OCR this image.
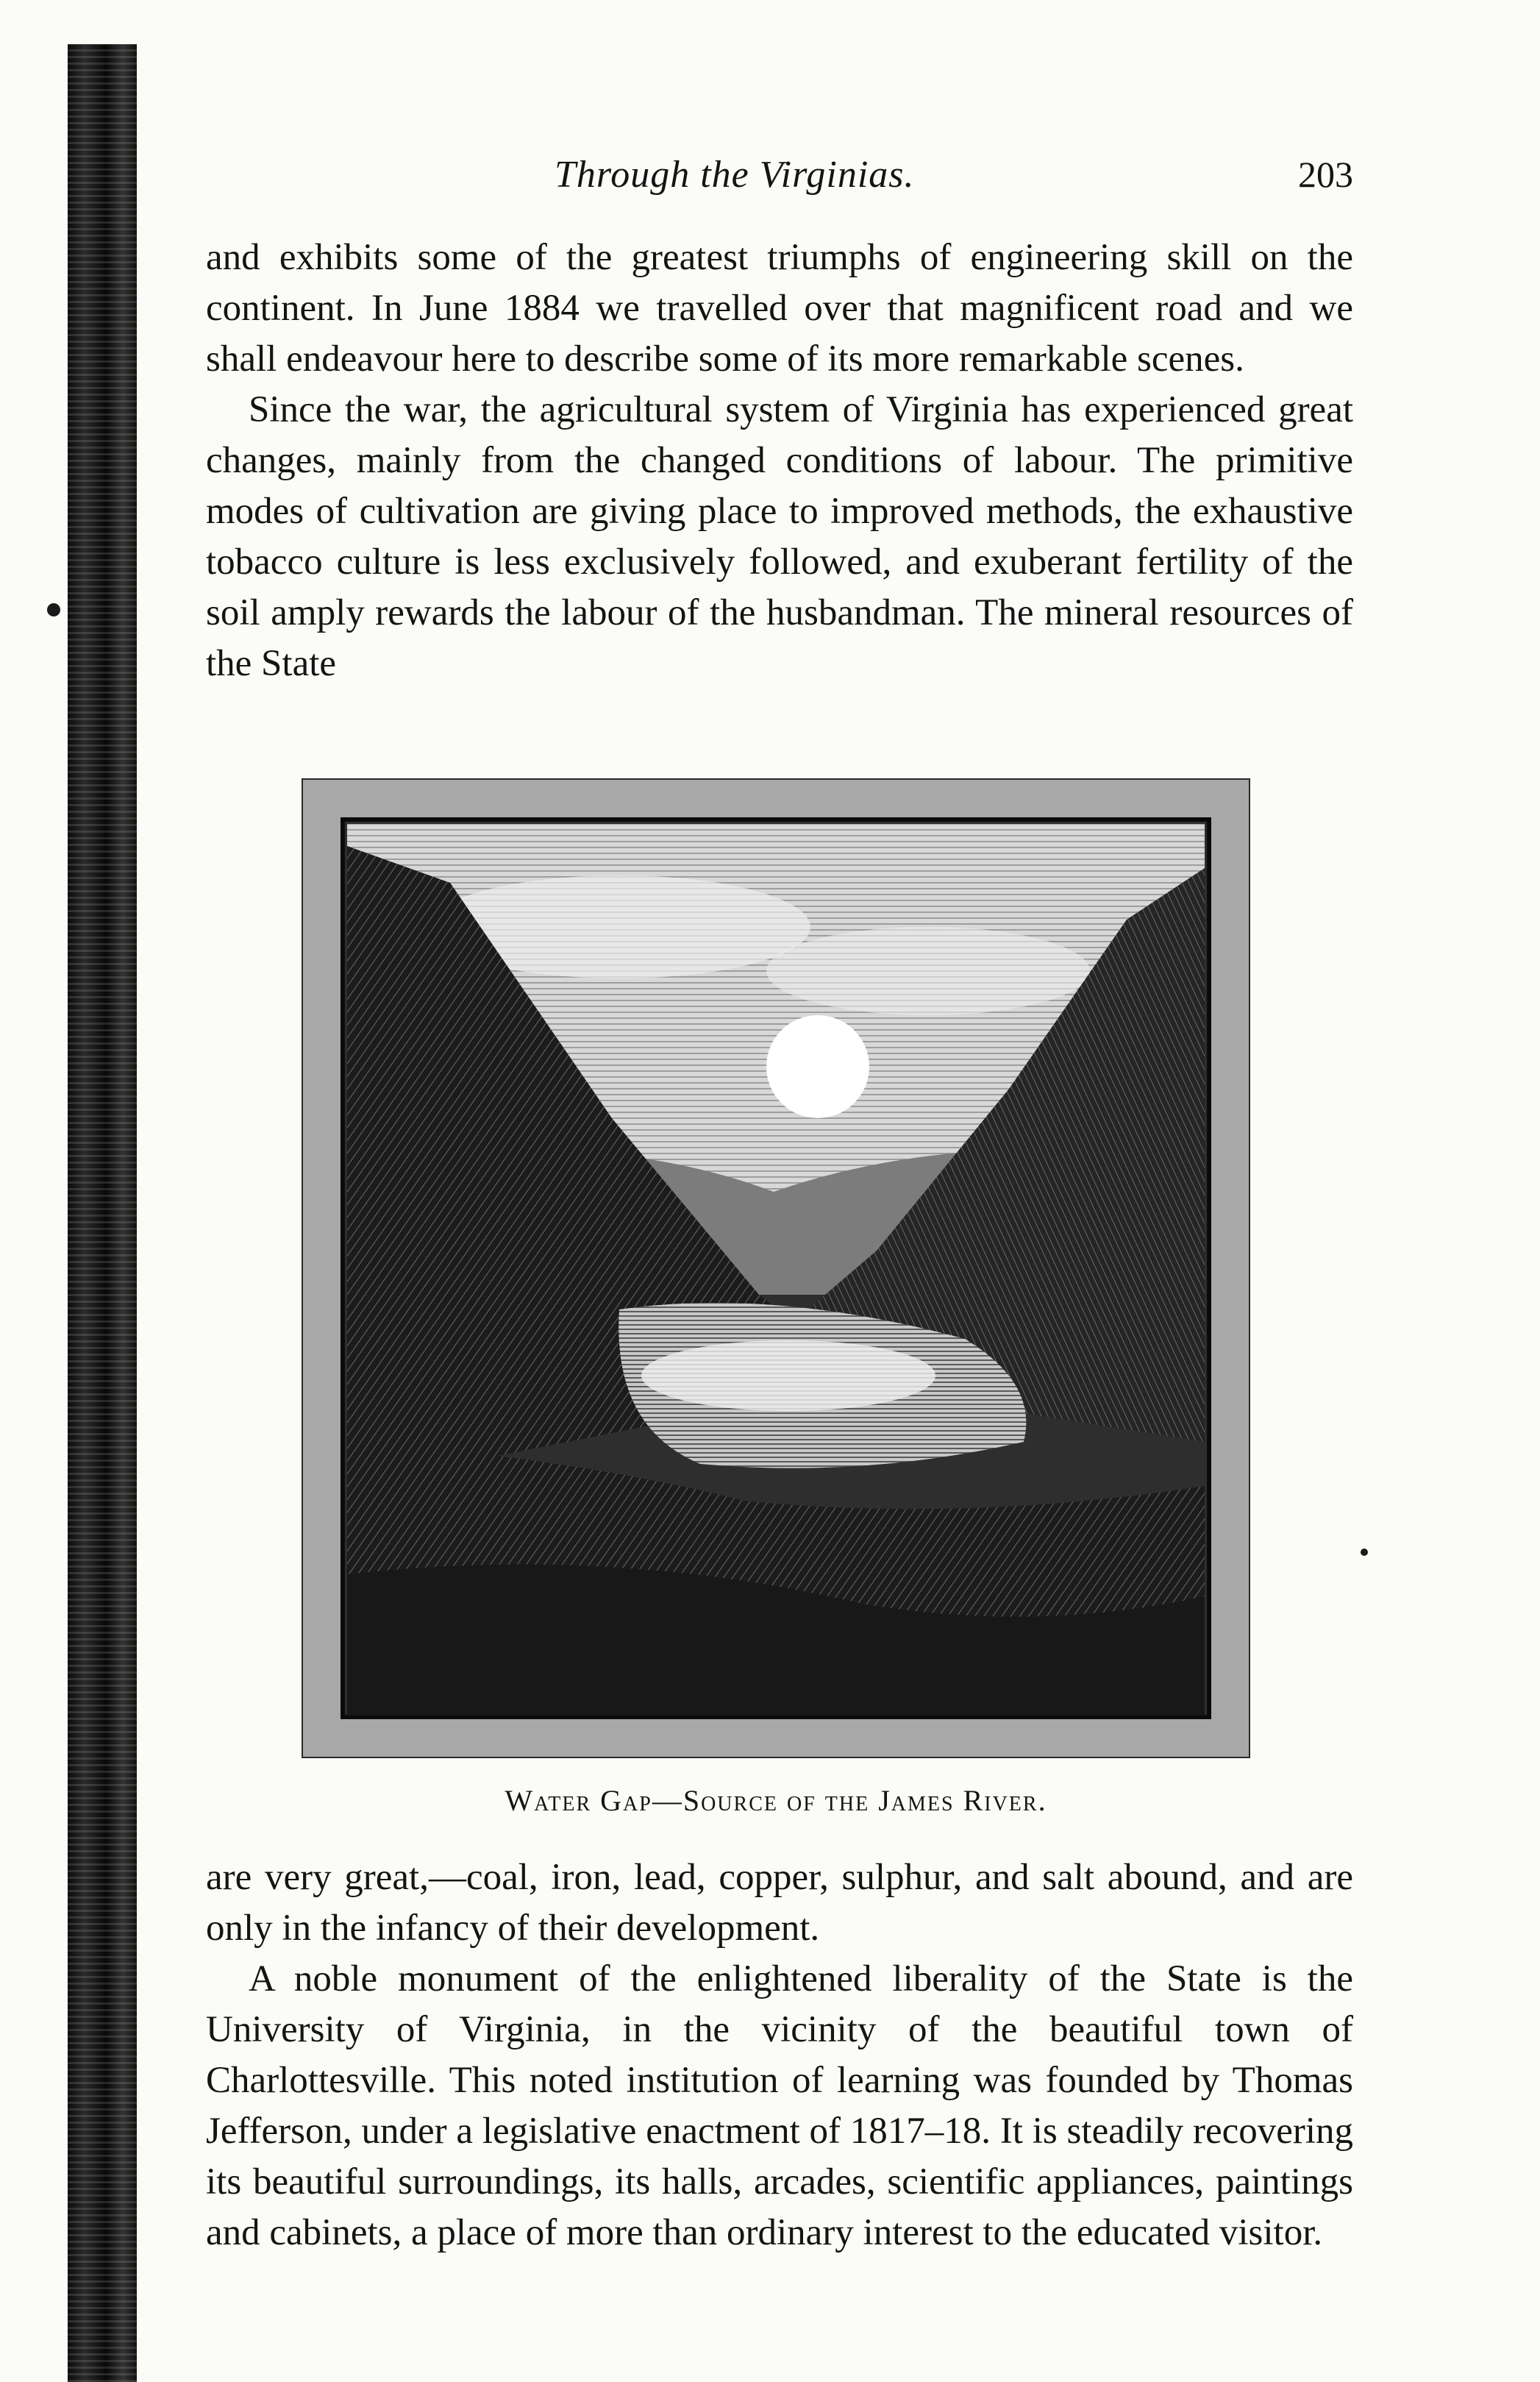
Through the Virginias.	203

and exhibits some of the greatest triumphs of engineering skill on the continent. In June 1884 we travelled over that magnificent road and we shall endeavour here to describe some of its more remarkable scenes.

Since the war, the agricultural system of Virginia has experienced great changes, mainly from the changed conditions of labour. The primitive modes of cultivation are giving place to improved methods, the exhaustive tobacco culture is less exclusively followed, and exuberant fertility of the soil amply rewards the labour of the husbandman. The mineral resources of the State

Water Gap—Source of the James River.

are very great,—coal, iron, lead, copper, sulphur, and salt abound, and are only in the infancy of their development.

A noble monument of the enlightened liberality of the State is the University of Virginia, in the vicinity of the beautiful town of Charlottesville. This noted institution of learning was founded by Thomas Jefferson, under a legislative enactment of 1817–18. It is steadily recovering its beautiful surroundings, its halls, arcades, scientific appliances, paintings and cabinets, a place of more than ordinary interest to the educated visitor.
